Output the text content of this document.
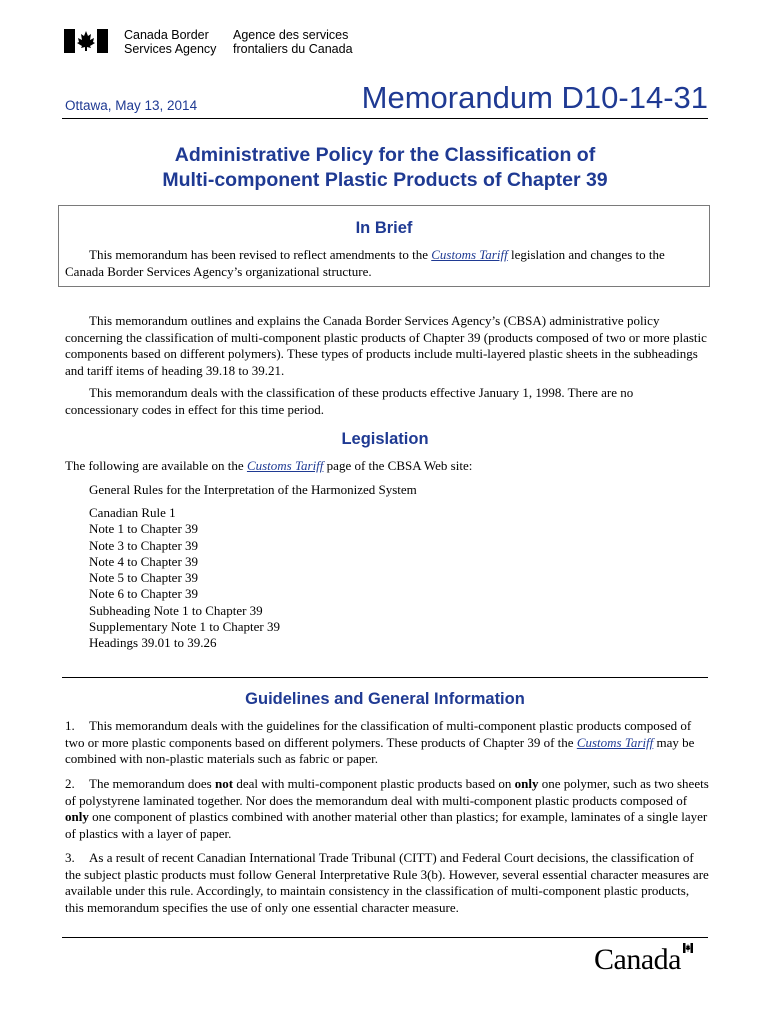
Canada Border
Services Agency
Agence des services
frontaliers du Canada
Ottawa, May 13, 2014	Memorandum D10-14-31
Administrative Policy for the Classification of
Multi-component Plastic Products of Chapter 39
In Brief
This memorandum has been revised to reflect amendments to the Customs Tariff legislation and changes to the Canada Border Services Agency’s organizational structure.
This memorandum outlines and explains the Canada Border Services Agency’s (CBSA) administrative policy concerning the classification of multi-component plastic products of Chapter 39 (products composed of two or more plastic components based on different polymers). These types of products include multi-layered plastic sheets in the subheadings and tariff items of heading 39.18 to 39.21.
This memorandum deals with the classification of these products effective January 1, 1998. There are no concessionary codes in effect for this time period.
Legislation
The following are available on the Customs Tariff page of the CBSA Web site:
General Rules for the Interpretation of the Harmonized System
Canadian Rule 1
Note 1 to Chapter 39
Note 3 to Chapter 39
Note 4 to Chapter 39
Note 5 to Chapter 39
Note 6 to Chapter 39
Subheading Note 1 to Chapter 39
Supplementary Note 1 to Chapter 39
Headings 39.01 to 39.26
Guidelines and General Information
1. This memorandum deals with the guidelines for the classification of multi-component plastic products composed of two or more plastic components based on different polymers. These products of Chapter 39 of the Customs Tariff may be combined with non-plastic materials such as fabric or paper.
2. The memorandum does not deal with multi-component plastic products based on only one polymer, such as two sheets of polystyrene laminated together. Nor does the memorandum deal with multi-component plastic products composed of only one component of plastics combined with another material other than plastics; for example, laminates of a single layer of plastics with a layer of paper.
3. As a result of recent Canadian International Trade Tribunal (CITT) and Federal Court decisions, the classification of the subject plastic products must follow General Interpretative Rule 3(b). However, several essential character measures are available under this rule. Accordingly, to maintain consistency in the classification of multi-component plastic products, this memorandum specifies the use of only one essential character measure.
Canada
